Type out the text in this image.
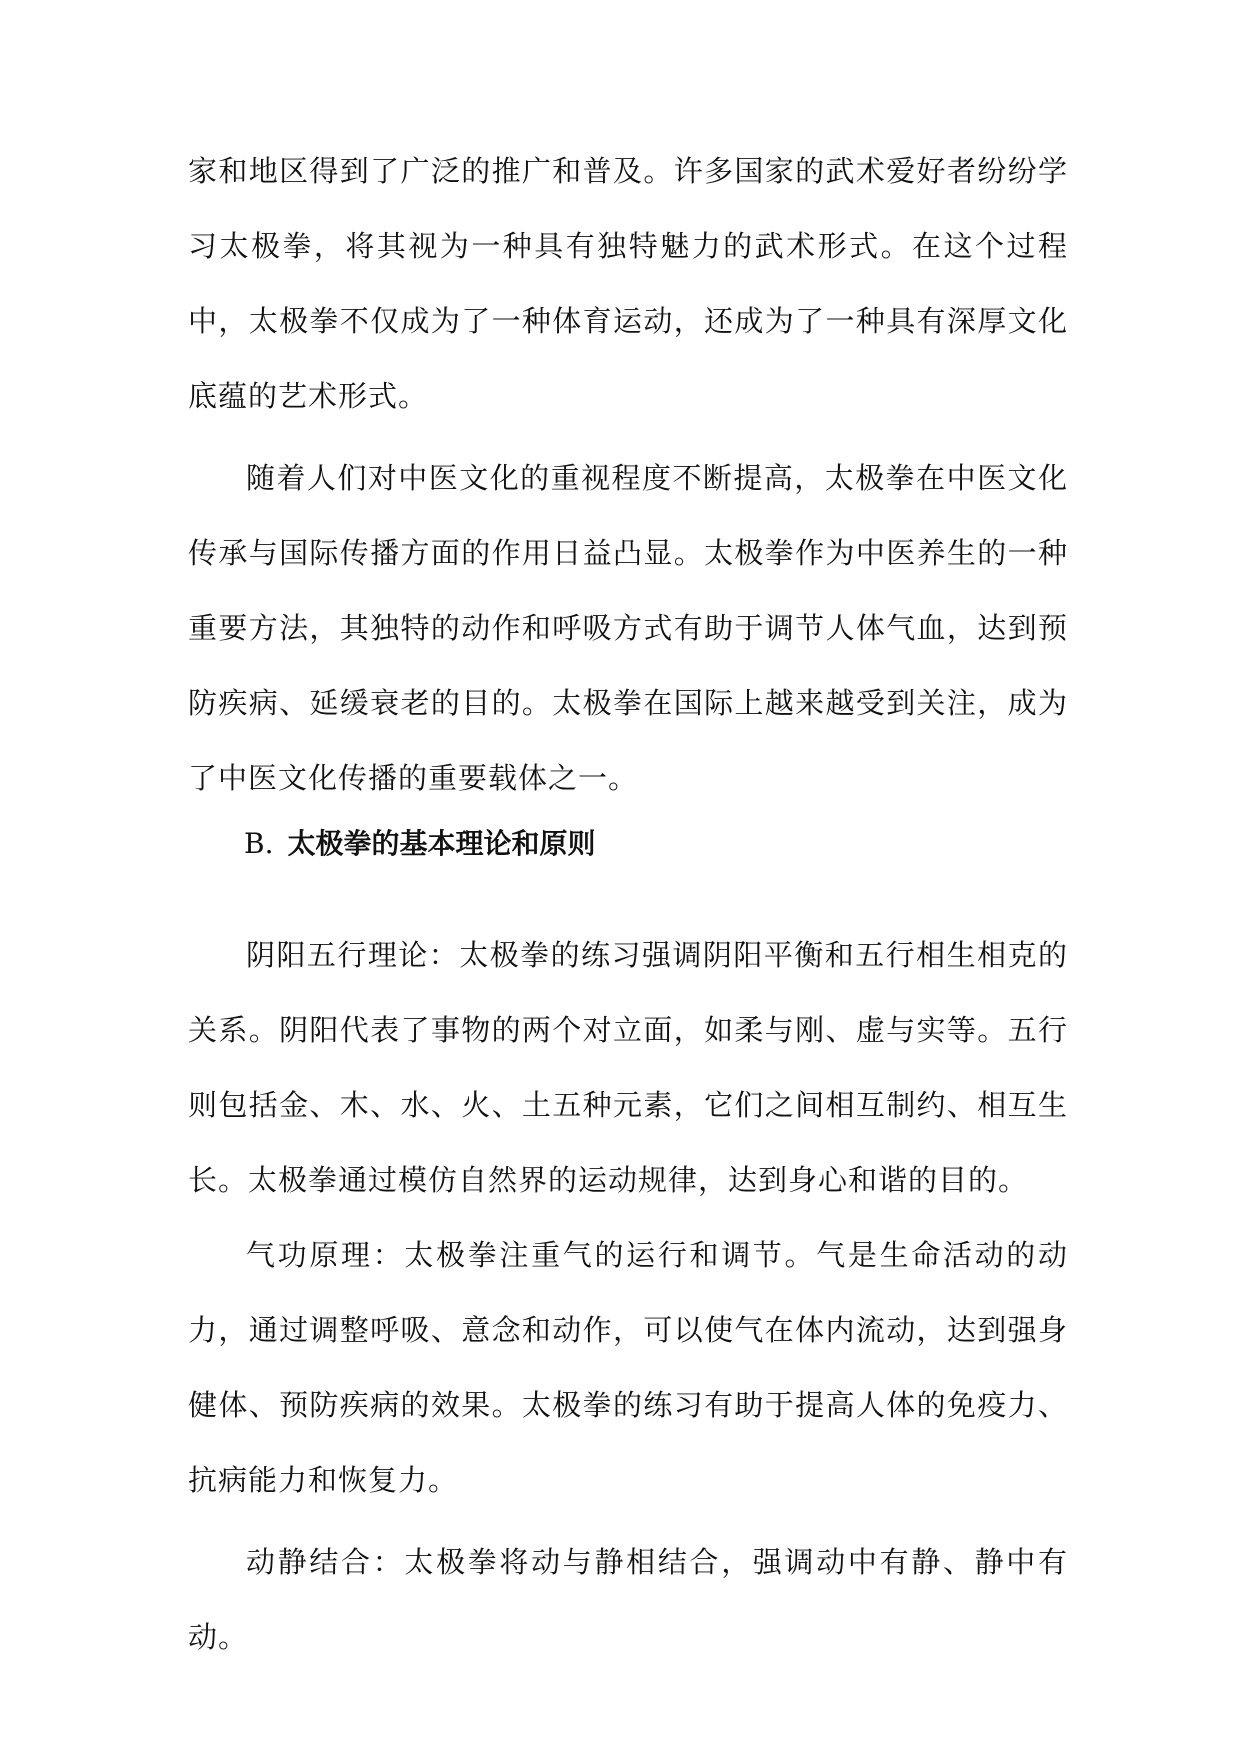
家和地区得到了广泛的推广和普及。许多国家的武术爱好者纷纷学习太极拳，将其视为一种具有独特魅力的武术形式。在这个过程中，太极拳不仅成为了一种体育运动，还成为了一种具有深厚文化底蕴的艺术形式。

随着人们对中医文化的重视程度不断提高，太极拳在中医文化传承与国际传播方面的作用日益凸显。太极拳作为中医养生的一种重要方法，其独特的动作和呼吸方式有助于调节人体气血，达到预防疾病、延缓衰老的目的。太极拳在国际上越来越受到关注，成为了中医文化传播的重要载体之一。

B. 太极拳的基本理论和原则

阴阳五行理论：太极拳的练习强调阴阳平衡和五行相生相克的关系。阴阳代表了事物的两个对立面，如柔与刚、虚与实等。五行则包括金、木、水、火、土五种元素，它们之间相互制约、相互生长。太极拳通过模仿自然界的运动规律，达到身心和谐的目的。

气功原理：太极拳注重气的运行和调节。气是生命活动的动力，通过调整呼吸、意念和动作，可以使气在体内流动，达到强身健体、预防疾病的效果。太极拳的练习有助于提高人体的免疫力、抗病能力和恢复力。

动静结合：太极拳将动与静相结合，强调动中有静、静中有动。
